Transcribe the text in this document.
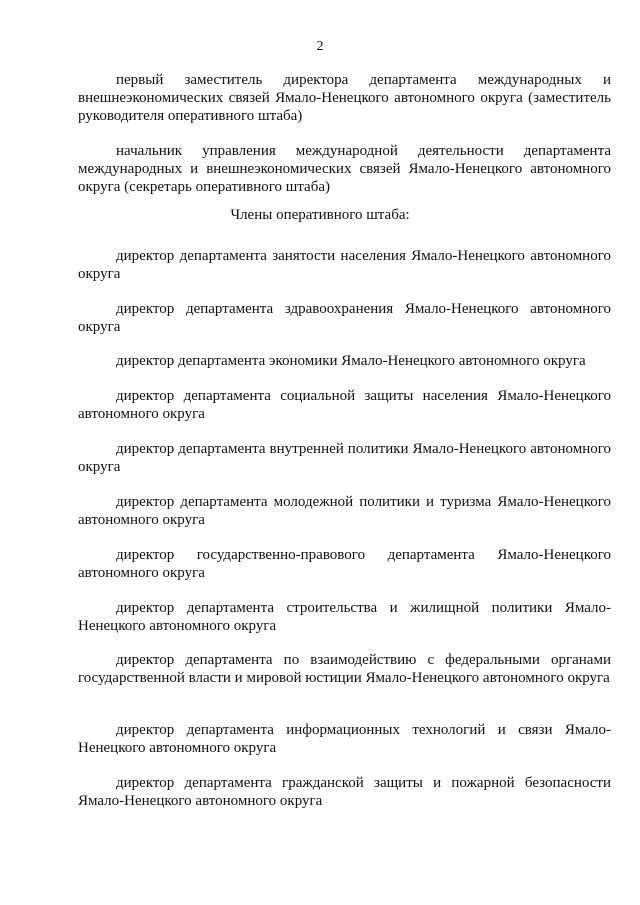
2

первый заместитель директора департамента международных и внешнеэкономических связей Ямало-Ненецкого автономного округа (заместитель руководителя оперативного штаба)

начальник управления международной деятельности департамента международных и внешнеэкономических связей Ямало-Ненецкого автономного округа (секретарь оперативного штаба)

Члены оперативного штаба:

директор департамента занятости населения Ямало-Ненецкого автономного округа

директор департамента здравоохранения Ямало-Ненецкого автономного округа

директор департамента экономики Ямало-Ненецкого автономного округа

директор департамента социальной защиты населения Ямало-Ненецкого автономного округа

директор департамента внутренней политики Ямало-Ненецкого автономного округа

директор департамента молодежной политики и туризма Ямало-Ненецкого автономного округа

директор государственно-правового департамента Ямало-Ненецкого автономного округа

директор департамента строительства и жилищной политики Ямало-Ненецкого автономного округа

директор департамента по взаимодействию с федеральными органами государственной власти и мировой юстиции Ямало-Ненецкого автономного округа

директор департамента информационных технологий и связи Ямало-Ненецкого автономного округа

директор департамента гражданской защиты и пожарной безопасности Ямало-Ненецкого автономного округа
